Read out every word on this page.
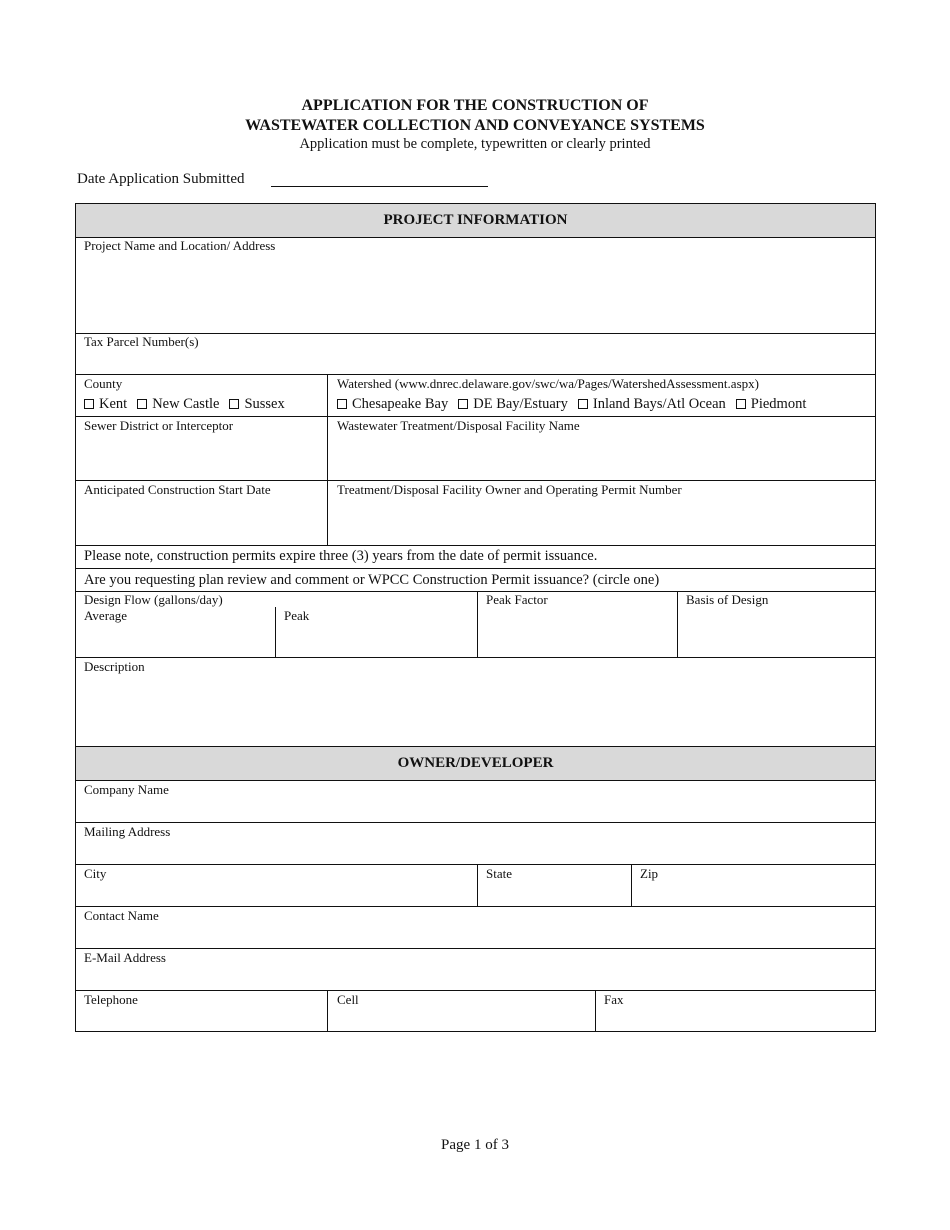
APPLICATION FOR THE CONSTRUCTION OF
WASTEWATER COLLECTION AND CONVEYANCE SYSTEMS
Application must be complete, typewritten or clearly printed
Date Application Submitted
PROJECT INFORMATION
OWNER/DEVELOPER
Project Name and Location/ Address
Tax Parcel Number(s)
County
Kent New Castle Sussex
Watershed (www.dnrec.delaware.gov/swc/wa/Pages/WatershedAssessment.aspx)
Chesapeake Bay DE Bay/Estuary Inland Bays/Atl Ocean Piedmont
Sewer District or Interceptor	Wastewater Treatment/Disposal Facility Name
Anticipated Construction Start Date	Treatment/Disposal Facility Owner and Operating Permit Number
Please note, construction permits expire three (3) years from the date of permit issuance.
Are you requesting plan review and comment or WPCC Construction Permit issuance? (circle one)
Design Flow (gallons/day)
Average	Peak
Peak Factor	Basis of Design
Description
Company Name
Mailing Address
City	State	Zip
Contact Name
E-Mail Address
Telephone	Cell	Fax
Page 1 of 3
